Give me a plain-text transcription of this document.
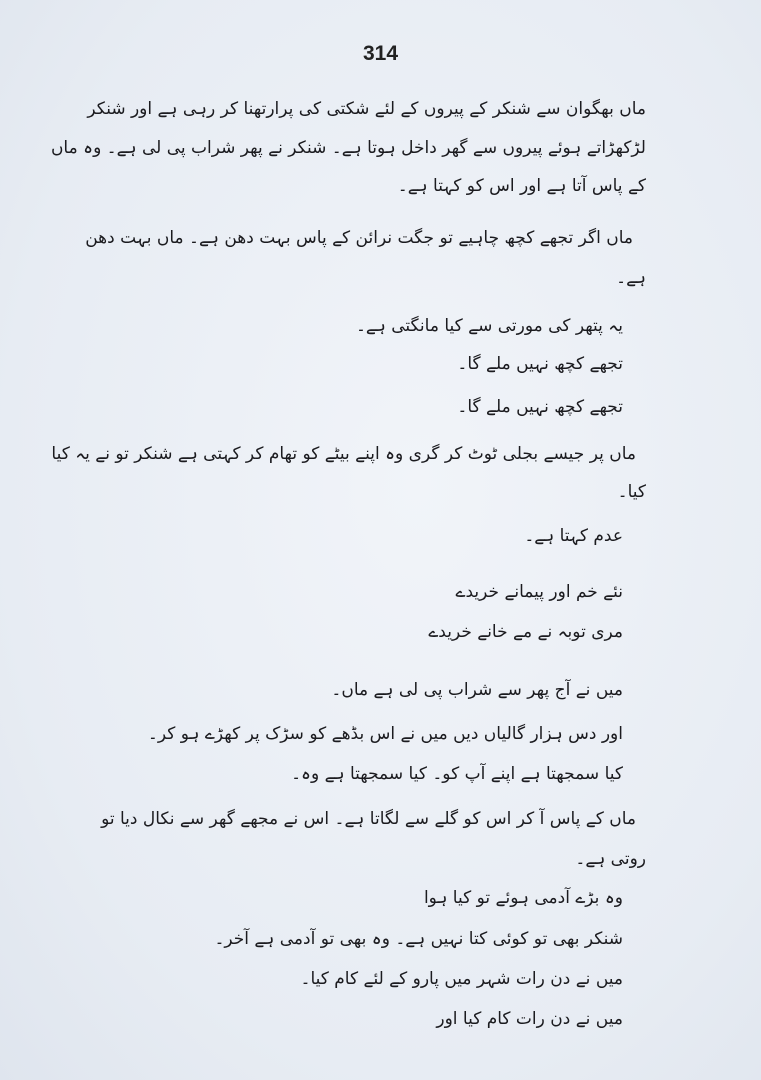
314
ماں بھگوان سے شنکر کے پیروں کے لئے شکتی کی پرارتھنا کر رہی ہے اور شنکر
لڑکھڑاتے ہوئے پیروں سے گھر داخل ہوتا ہے۔ شنکر نے پھر شراب پی لی ہے۔ وہ ماں
کے پاس آتا ہے اور اس کو کہتا ہے۔
ماں اگر تجھے کچھ چاہیے تو جگت نرائن کے پاس بہت دھن ہے۔ ماں بہت دھن
ہے۔
یہ پتھر کی مورتی سے کیا مانگتی ہے۔
تجھے کچھ نہیں ملے گا۔
تجھے کچھ نہیں ملے گا۔
ماں پر جیسے بجلی ٹوٹ کر گری وہ اپنے بیٹے کو تھام کر کہتی ہے شنکر تو نے یہ کیا
کیا۔
عدم کہتا ہے۔
نئے خم اور پیمانے خریدے
مری توبہ نے مے خانے خریدے
میں نے آج پھر سے شراب پی لی ہے ماں۔
اور دس ہزار گالیاں دیں میں نے اس بڈھے کو سڑک پر کھڑے ہو کر۔
کیا سمجھتا ہے اپنے آپ کو۔ کیا سمجھتا ہے وہ۔
ماں کے پاس آ کر اس کو گلے سے لگاتا ہے۔ اس نے مجھے گھر سے نکال دیا تو
روتی ہے۔
وہ بڑے آدمی ہوئے تو کیا ہوا
شنکر بھی تو کوئی کتا نہیں ہے۔ وہ بھی تو آدمی ہے آخر۔
میں نے دن رات شہر میں پارو کے لئے کام کیا۔
میں نے دن رات کام کیا اور
